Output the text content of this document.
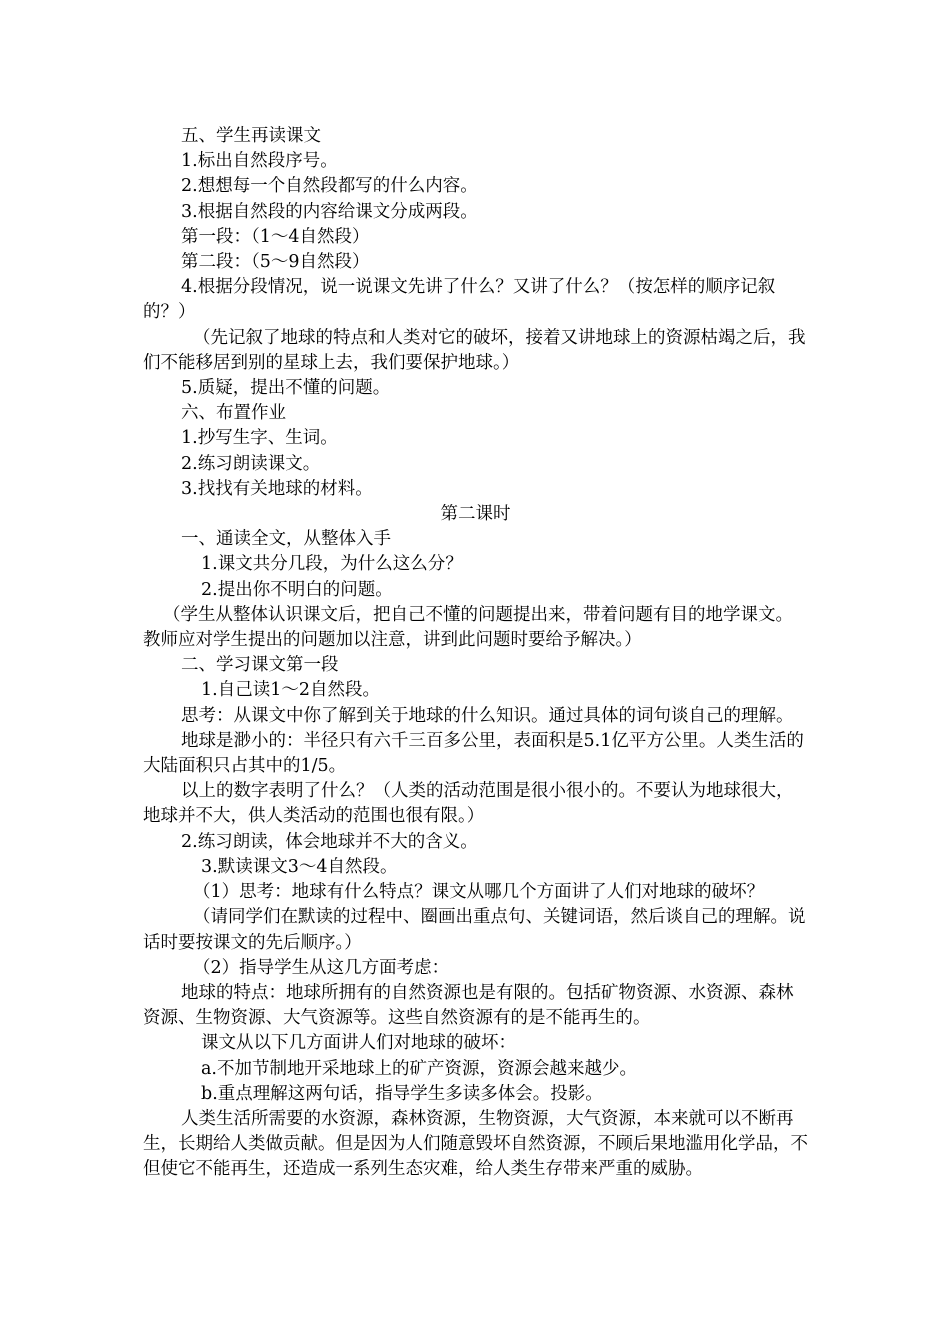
五、学生再读课文

1.标出自然段序号。

2.想想每一个自然段都写的什么内容。

3.根据自然段的内容给课文分成两段。

第一段：（1～4自然段）

第二段：（5～9自然段）

4.根据分段情况，说一说课文先讲了什么？又讲了什么？（按怎样的顺序记叙的？）

（先记叙了地球的特点和人类对它的破坏，接着又讲地球上的资源枯竭之后，我们不能移居到别的星球上去，我们要保护地球。）

5.质疑，提出不懂的问题。

六、布置作业

1.抄写生字、生词。

2.练习朗读课文。

3.找找有关地球的材料。

第二课时

一、通读全文，从整体入手

1.课文共分几段，为什么这么分？

2.提出你不明白的问题。

（学生从整体认识课文后，把自己不懂的问题提出来，带着问题有目的地学课文。教师应对学生提出的问题加以注意，讲到此问题时要给予解决。）

二、学习课文第一段

1.自己读1～2自然段。

思考：从课文中你了解到关于地球的什么知识。通过具体的词句谈自己的理解。

地球是渺小的：半径只有六千三百多公里，表面积是5.1亿平方公里。人类生活的大陆面积只占其中的1/5。

以上的数字表明了什么？（人类的活动范围是很小很小的。不要认为地球很大，地球并不大，供人类活动的范围也很有限。）

2.练习朗读，体会地球并不大的含义。

3.默读课文3～4自然段。

（1）思考：地球有什么特点？课文从哪几个方面讲了人们对地球的破坏？

（请同学们在默读的过程中、圈画出重点句、关键词语，然后谈自己的理解。说话时要按课文的先后顺序。）

（2）指导学生从这几方面考虑：

地球的特点：地球所拥有的自然资源也是有限的。包括矿物资源、水资源、森林资源、生物资源、大气资源等。这些自然资源有的是不能再生的。

课文从以下几方面讲人们对地球的破坏：

a.不加节制地开采地球上的矿产资源，资源会越来越少。

b.重点理解这两句话，指导学生多读多体会。投影。

人类生活所需要的水资源，森林资源，生物资源，大气资源，本来就可以不断再生，长期给人类做贡献。但是因为人们随意毁坏自然资源，不顾后果地滥用化学品，不但使它不能再生，还造成一系列生态灾难，给人类生存带来严重的威胁。
